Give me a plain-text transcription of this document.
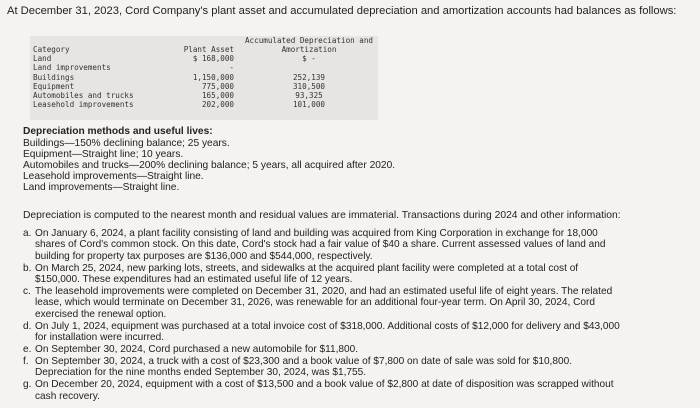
At December 31, 2023, Cord Company's plant asset and accumulated depreciation and amortization accounts had balances as follows:
Accumulated Depreciation and
Category	Plant Asset	Amortization
Land	$ 168,000	$ -
Land improvements	-
Buildings	1,150,000	252,139
Equipment	775,000	310,500
Automobiles and trucks	165,000	93,325
Leasehold improvements	202,000	101,000
Depreciation methods and useful lives:
Buildings—150% declining balance; 25 years.
Equipment—Straight line; 10 years.
Automobiles and trucks—200% declining balance; 5 years, all acquired after 2020.
Leasehold improvements—Straight line.
Land improvements—Straight line.
Depreciation is computed to the nearest month and residual values are immaterial. Transactions during 2024 and other information:
a. On January 6, 2024, a plant facility consisting of land and building was acquired from King Corporation in exchange for 18,000
shares of Cord's common stock. On this date, Cord's stock had a fair value of $40 a share. Current assessed values of land and
building for property tax purposes are $136,000 and $544,000, respectively.
b. On March 25, 2024, new parking lots, streets, and sidewalks at the acquired plant facility were completed at a total cost of
$150,000. These expenditures had an estimated useful life of 12 years.
c. The leasehold improvements were completed on December 31, 2020, and had an estimated useful life of eight years. The related
lease, which would terminate on December 31, 2026, was renewable for an additional four-year term. On April 30, 2024, Cord
exercised the renewal option.
d. On July 1, 2024, equipment was purchased at a total invoice cost of $318,000. Additional costs of $12,000 for delivery and $43,000
for installation were incurred.
e. On September 30, 2024, Cord purchased a new automobile for $11,800.
f. On September 30, 2024, a truck with a cost of $23,300 and a book value of $7,800 on date of sale was sold for $10,800.
Depreciation for the nine months ended September 30, 2024, was $1,755.
g. On December 20, 2024, equipment with a cost of $13,500 and a book value of $2,800 at date of disposition was scrapped without
cash recovery.
